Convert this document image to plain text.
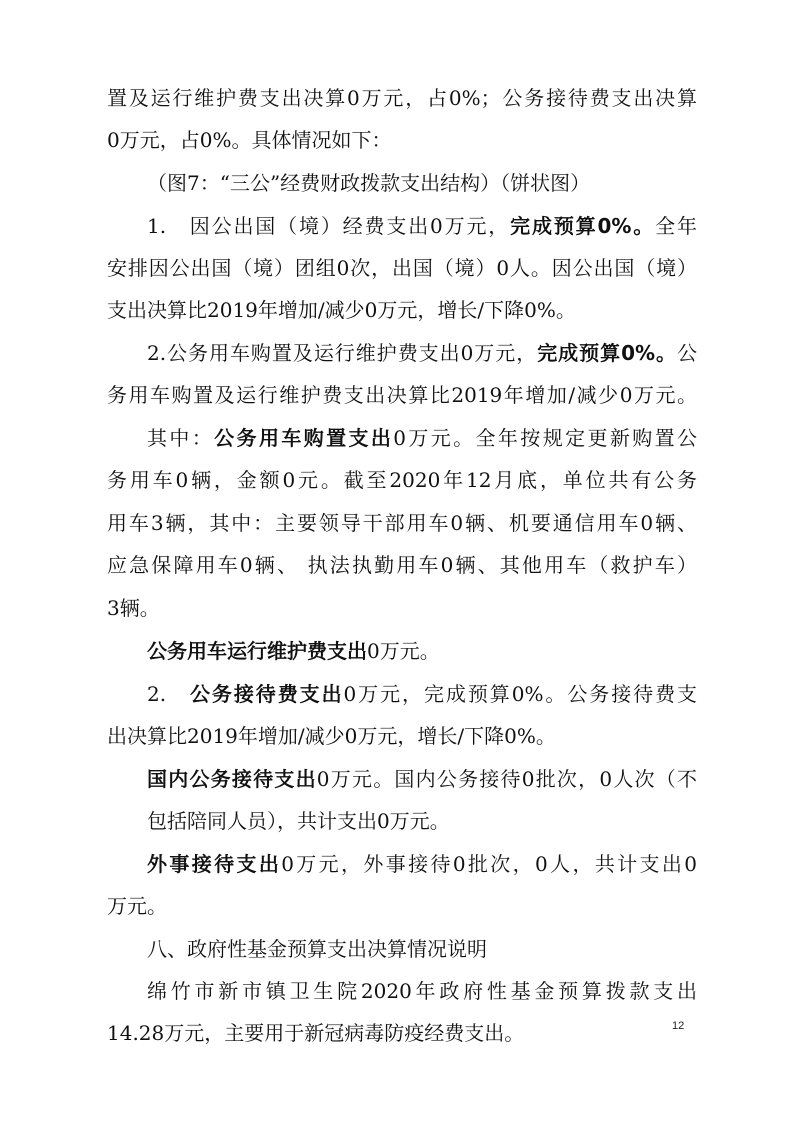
置及运行维护费支出决算0万元，占0%；公务接待费支出决算
0万元，占0%。具体情况如下：
（图7：“三公”经费财政拨款支出结构）（饼状图）
1.　因公出国（境）经费支出0万元，完成预算0%。全年
安排因公出国（境）团组0次，出国（境）0人。因公出国（境）
支出决算比2019年增加/减少0万元，增长/下降0%。
2.公务用车购置及运行维护费支出0万元，完成预算0%。公
务用车购置及运行维护费支出决算比2019年增加/减少0万元。
其中：公务用车购置支出0万元。全年按规定更新购置公
务用车0辆，金额0元。截至2020年12月底，单位共有公务
用车3辆，其中：主要领导干部用车0辆、机要通信用车0辆、
应急保障用车0辆、 执法执勤用车0辆、其他用车（救护车）
3辆。
公务用车运行维护费支出0万元。
2.　公务接待费支出0万元，完成预算0%。公务接待费支
出决算比2019年增加/减少0万元，增长/下降0%。
国内公务接待支出0万元。国内公务接待0批次，0人次（不
包括陪同人员），共计支出0万元。
外事接待支出0万元，外事接待0批次，0人，共计支出0
万元。
八、政府性基金预算支出决算情况说明
绵竹市新市镇卫生院2020年政府性基金预算拨款支出
14.28万元，主要用于新冠病毒防疫经费支出。	12
